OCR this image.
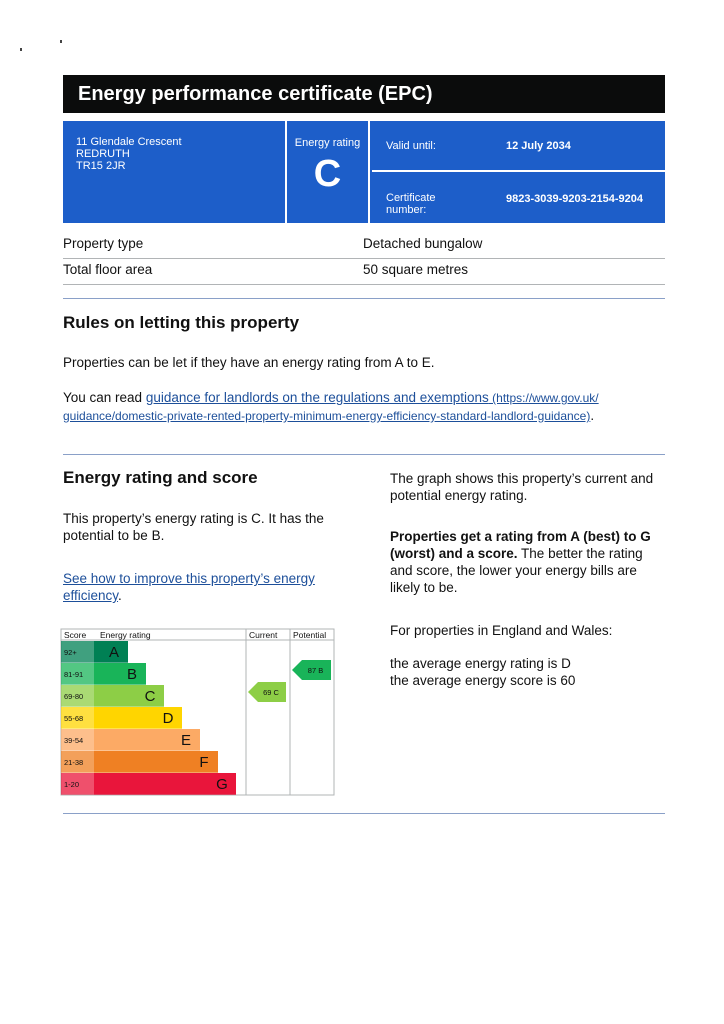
Energy performance certificate (EPC)
11 Glendale Crescent
REDRUTH
TR15 2JR
Energy rating
C
Valid until:	12 July 2034
Certificate
number:
9823-3039-9203-2154-9204
Property type	Detached bungalow
Total floor area	50 square metres
Rules on letting this property
Properties can be let if they have an energy rating from A to E.
You can read guidance for landlords on the regulations and exemptions (https://www.gov.uk/
guidance/domestic-private-rented-property-minimum-energy-efficiency-standard-landlord-guidance).
Energy rating and score
This property’s energy rating is C. It has the potential to be B.
See how to improve this property’s energy efficiency.
The graph shows this property’s current and potential energy rating.
Properties get a rating from A (best) to G (worst) and a score. The better the rating and score, the lower your energy bills are likely to be.
For properties in England and Wales:
the average energy rating is D
the average energy score is 60
Score Energy rating	Current Potential
92+ A
81-91	B
69-80	C
55-68	D
39-54	E
21-38	F
1-20	G
69 C
87 B
